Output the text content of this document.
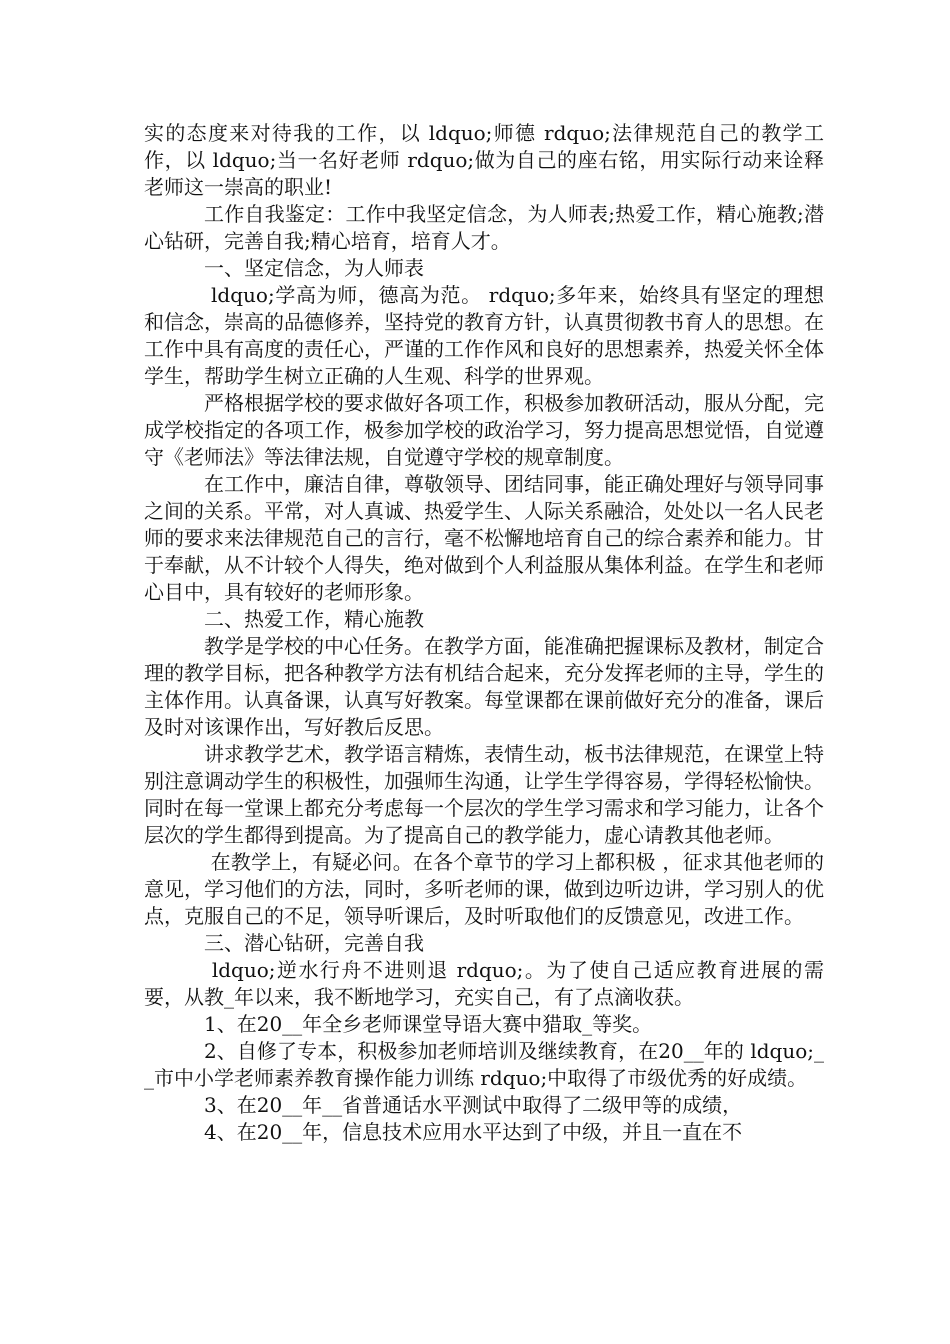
实的态度来对待我的工作，以 ldquo;师德 rdquo;法律规范自己的教学工作，以 ldquo;当一名好老师 rdquo;做为自己的座右铭，用实际行动来诠释老师这一崇高的职业!

工作自我鉴定：工作中我坚定信念，为人师表;热爱工作，精心施教;潜心钻研，完善自我;精心培育，培育人才。

一、坚定信念，为人师表

ldquo;学高为师，德高为范。 rdquo;多年来，始终具有坚定的理想和信念，崇高的品德修养，坚持党的教育方针，认真贯彻教书育人的思想。在工作中具有高度的责任心，严谨的工作作风和良好的思想素养，热爱关怀全体学生，帮助学生树立正确的人生观、科学的世界观。

严格根据学校的要求做好各项工作，积极参加教研活动，服从分配，完成学校指定的各项工作，极参加学校的政治学习，努力提高思想觉悟，自觉遵守《老师法》等法律法规，自觉遵守学校的规章制度。

在工作中，廉洁自律，尊敬领导、团结同事，能正确处理好与领导同事之间的关系。平常，对人真诚、热爱学生、人际关系融洽，处处以一名人民老师的要求来法律规范自己的言行，毫不松懈地培育自己的综合素养和能力。甘于奉献，从不计较个人得失，绝对做到个人利益服从集体利益。在学生和老师心目中，具有较好的老师形象。

二、热爱工作，精心施教

教学是学校的中心任务。在教学方面，能准确把握课标及教材，制定合理的教学目标，把各种教学方法有机结合起来，充分发挥老师的主导，学生的主体作用。认真备课，认真写好教案。每堂课都在课前做好充分的准备，课后及时对该课作出，写好教后反思。

讲求教学艺术，教学语言精炼，表情生动，板书法律规范，在课堂上特别注意调动学生的积极性，加强师生沟通，让学生学得容易，学得轻松愉快。同时在每一堂课上都充分考虑每一个层次的学生学习需求和学习能力，让各个层次的学生都得到提高。为了提高自己的教学能力，虚心请教其他老师。

在教学上，有疑必问。在各个章节的学习上都积极 ，征求其他老师的意见，学习他们的方法，同时，多听老师的课，做到边听边讲，学习别人的优点，克服自己的不足，领导听课后，及时听取他们的反馈意见，改进工作。

三、潜心钻研，完善自我

ldquo;逆水行舟不进则退 rdquo;。为了使自己适应教育进展的需要，从教_年以来，我不断地学习，充实自己，有了点滴收获。

1、在20__年全乡老师课堂导语大赛中猎取_等奖。

2、自修了专本，积极参加老师培训及继续教育，在20__年的 ldquo;__市中小学老师素养教育操作能力训练 rdquo;中取得了市级优秀的好成绩。

3、在20__年__省普通话水平测试中取得了二级甲等的成绩，

4、在20__年，信息技术应用水平达到了中级，并且一直在不
